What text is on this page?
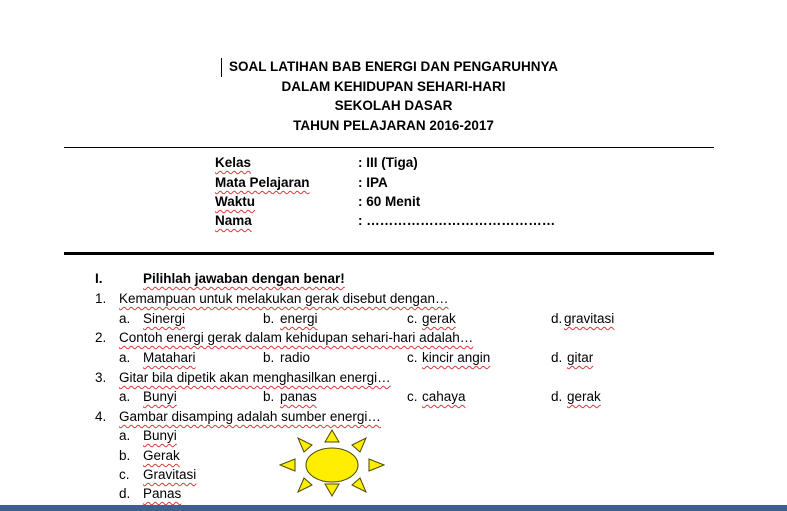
SOAL LATIHAN BAB ENERGI DAN PENGARUHNYA
DALAM KEHIDUPAN SEHARI-HARI
SEKOLAH DASAR
TAHUN PELAJARAN 2016-2017
Kelas	: III (Tiga)
Mata Pelajaran	: IPA
Waktu	: 60 Menit
Nama	: ……………………………………
I.	Pilihlah jawaban dengan benar!
1. Kemampuan untuk melakukan gerak disebut dengan…
a. Sinergi	b. energi	c. gerak	d. gravitasi
2. Contoh energi gerak dalam kehidupan sehari-hari adalah…
a. Matahari	b. radio	c. kincir angin	d. gitar
3. Gitar bila dipetik akan menghasilkan energi…
a. Bunyi	b. panas	c. cahaya	d. gerak
4. Gambar disamping adalah sumber energi…
a. Bunyi
b. Gerak
c. Gravitasi
d. Panas
